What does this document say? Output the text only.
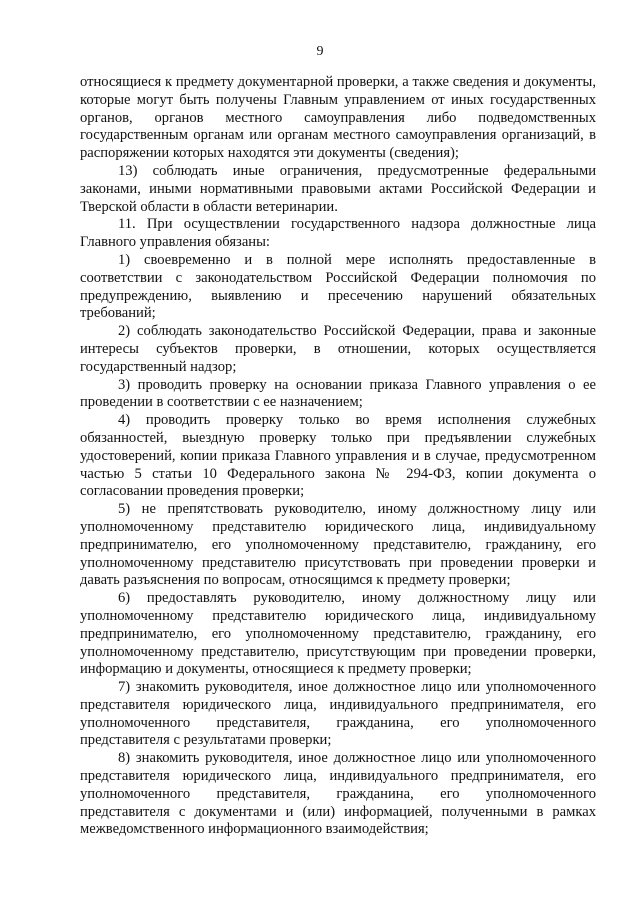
9

относящиеся к предмету документарной проверки, а также сведения и документы, которые могут быть получены Главным управлением от иных государственных органов, органов местного самоуправления либо подведомственных государственным органам или органам местного самоуправления организаций, в распоряжении которых находятся эти документы (сведения);

13) соблюдать иные ограничения, предусмотренные федеральными законами, иными нормативными правовыми актами Российской Федерации и Тверской области в области ветеринарии.

11. При осуществлении государственного надзора должностные лица Главного управления обязаны:

1) своевременно и в полной мере исполнять предоставленные в соответствии с законодательством Российской Федерации полномочия по предупреждению, выявлению и пресечению нарушений обязательных требований;

2) соблюдать законодательство Российской Федерации, права и законные интересы субъектов проверки, в отношении, которых осуществляется государственный надзор;

3) проводить проверку на основании приказа Главного управления о ее проведении в соответствии с ее назначением;

4) проводить проверку только во время исполнения служебных обязанностей, выездную проверку только при предъявлении служебных удостоверений, копии приказа Главного управления и в случае, предусмотренном частью 5 статьи 10 Федерального закона № 294-ФЗ, копии документа о согласовании проведения проверки;

5) не препятствовать руководителю, иному должностному лицу или уполномоченному представителю юридического лица, индивидуальному предпринимателю, его уполномоченному представителю, гражданину, его уполномоченному представителю присутствовать при проведении проверки и давать разъяснения по вопросам, относящимся к предмету проверки;

6) предоставлять руководителю, иному должностному лицу или уполномоченному представителю юридического лица, индивидуальному предпринимателю, его уполномоченному представителю, гражданину, его уполномоченному представителю, присутствующим при проведении проверки, информацию и документы, относящиеся к предмету проверки;

7) знакомить руководителя, иное должностное лицо или уполномоченного представителя юридического лица, индивидуального предпринимателя, его уполномоченного представителя, гражданина, его уполномоченного представителя с результатами проверки;

8) знакомить руководителя, иное должностное лицо или уполномоченного представителя юридического лица, индивидуального предпринимателя, его уполномоченного представителя, гражданина, его уполномоченного представителя с документами и (или) информацией, полученными в рамках межведомственного информационного взаимодействия;
